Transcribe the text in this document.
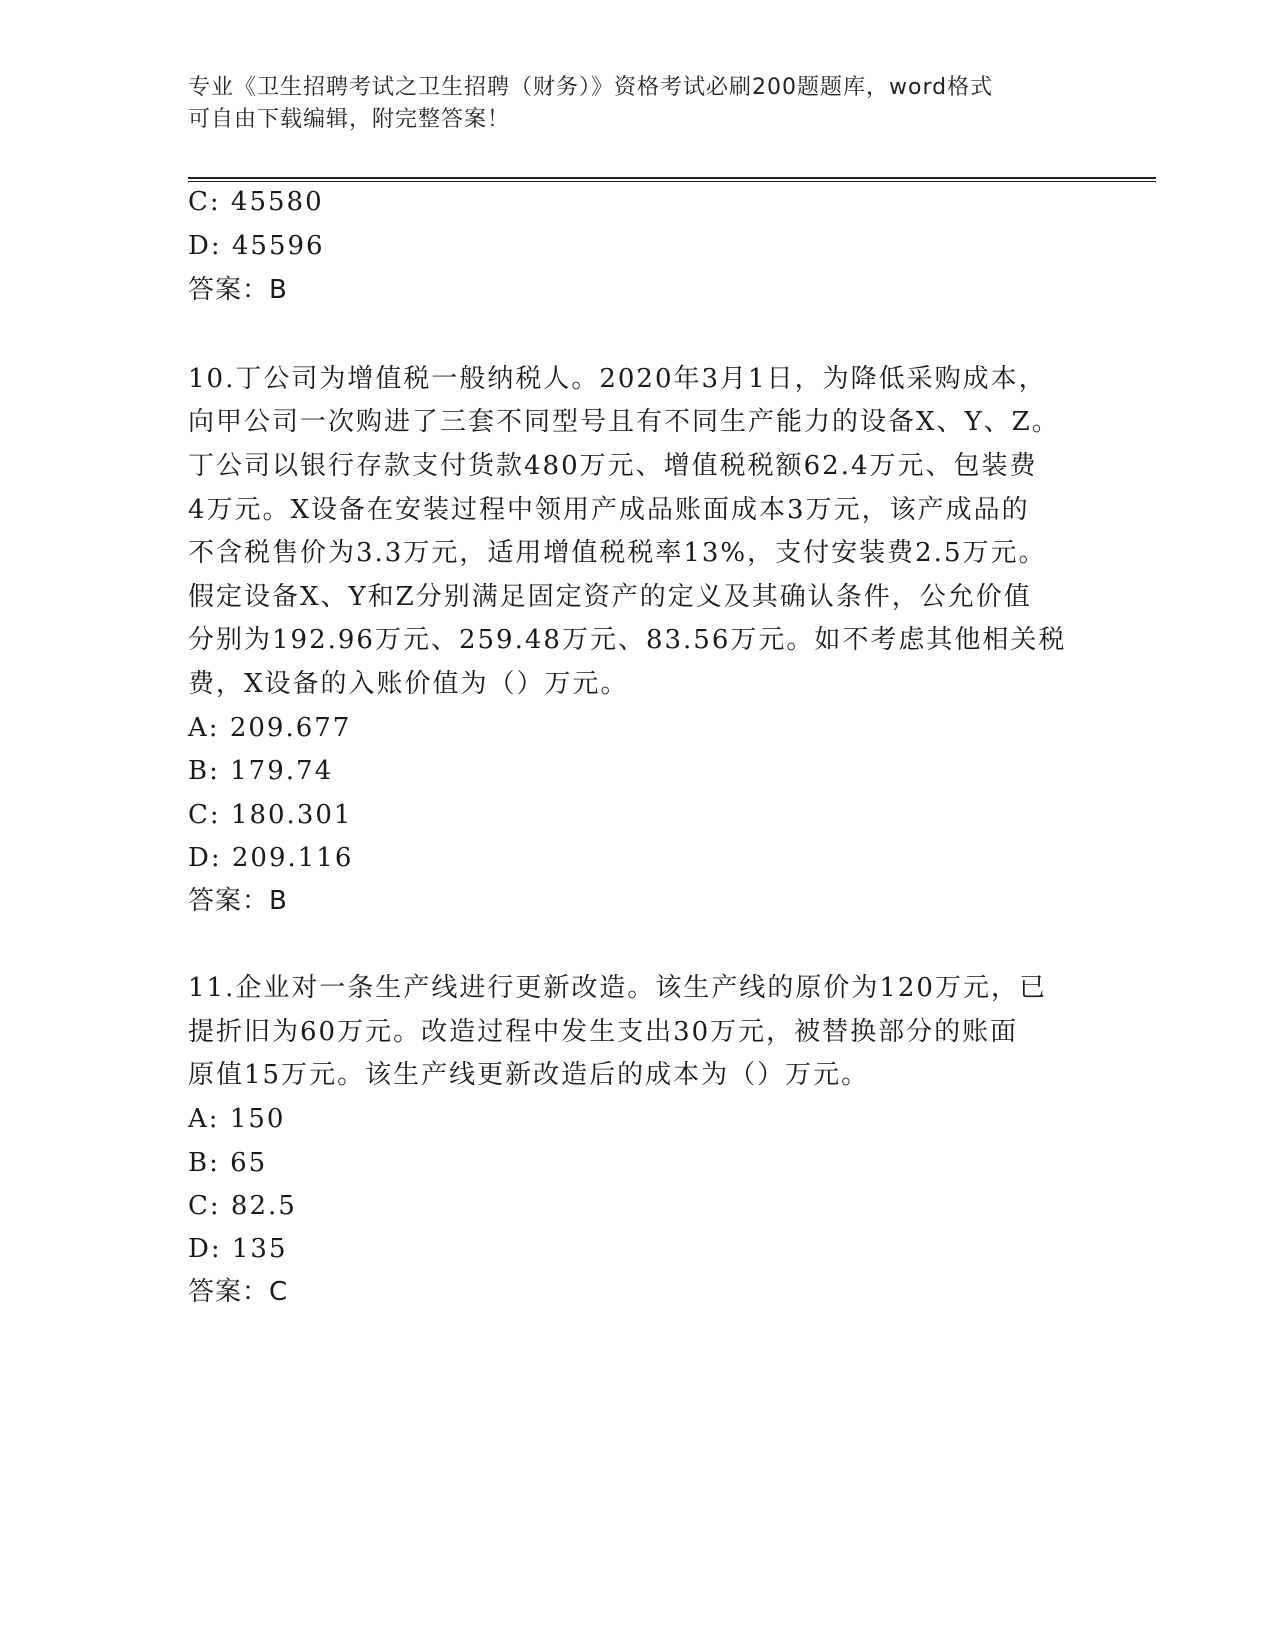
专业《卫生招聘考试之卫生招聘（财务）》资格考试必刷200题题库，word格式
可自由下载编辑，附完整答案！
C: 45580
D: 45596
答案：B
10.丁公司为增值税一般纳税人。2020年3月1日，为降低采购成本，
向甲公司一次购进了三套不同型号且有不同生产能力的设备X、Y、Z。
丁公司以银行存款支付货款480万元、增值税税额62.4万元、包装费
4万元。X设备在安装过程中领用产成品账面成本3万元，该产成品的
不含税售价为3.3万元，适用增值税税率13%，支付安装费2.5万元。
假定设备X、Y和Z分别满足固定资产的定义及其确认条件，公允价值
分别为192.96万元、259.48万元、83.56万元。如不考虑其他相关税
费，X设备的入账价值为（）万元。
A: 209.677
B: 179.74
C: 180.301
D: 209.116
答案：B
11.企业对一条生产线进行更新改造。该生产线的原价为120万元，已
提折旧为60万元。改造过程中发生支出30万元，被替换部分的账面
原值15万元。该生产线更新改造后的成本为（）万元。
A: 150
B: 65
C: 82.5
D: 135
答案：C
